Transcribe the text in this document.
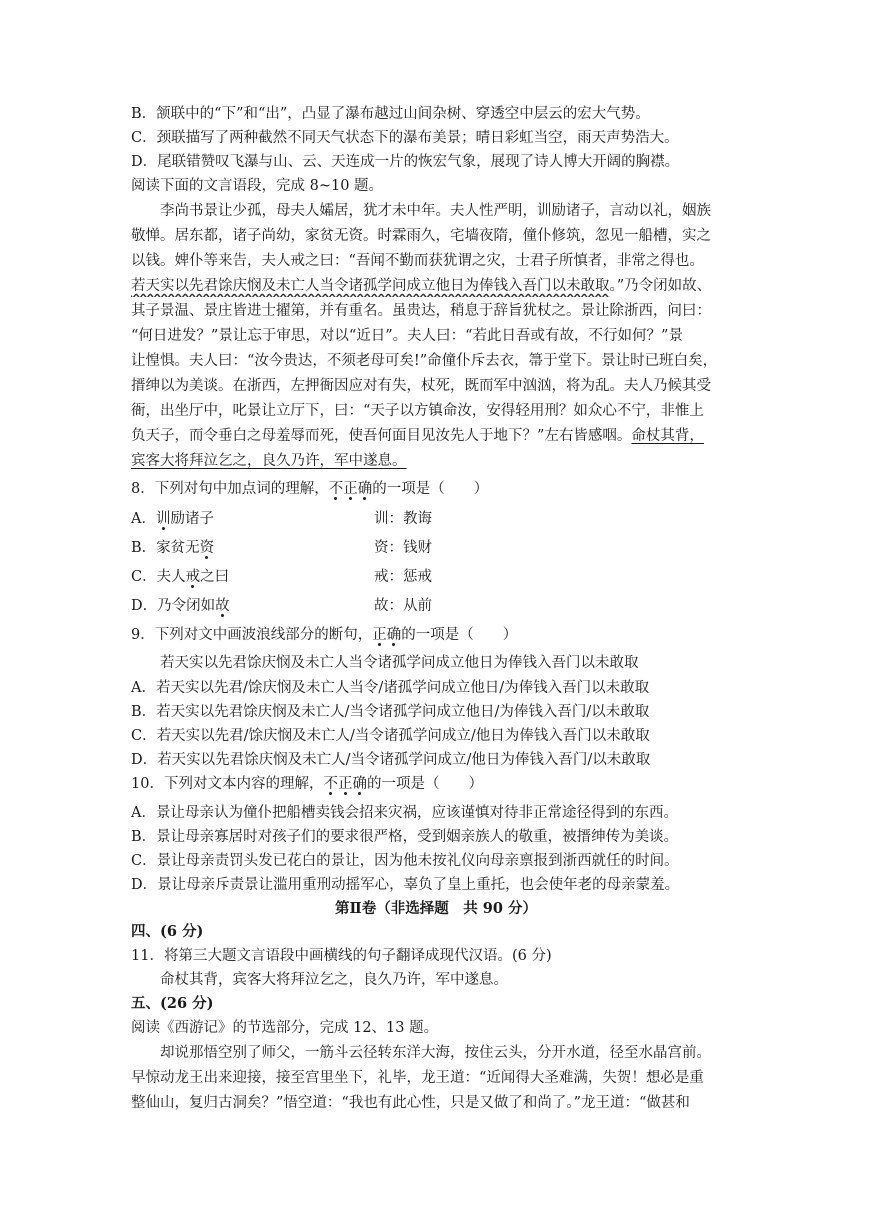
B．颔联中的“下”和“出”，凸显了瀑布越过山间杂树、穿透空中层云的宏大气势。
C．颈联描写了两种截然不同天气状态下的瀑布美景；晴日彩虹当空，雨天声势浩大。
D．尾联错赞叹飞瀑与山、云、天连成一片的恢宏气象，展现了诗人博大开阔的胸襟。
阅读下面的文言语段，完成 8~10 题。
李尚书景让少孤，母夫人孀居，犹才未中年。夫人性严明，训励诸子，言动以礼，姻族
敬惮。居东都，诸子尚幼，家贫无资。时霖雨久，宅墙夜隋，僮仆修筑，忽见一船槽，实之
以钱。婢仆等来告，夫人戒之曰：“吾闻不勤而获犹谓之灾，士君子所慎者，非常之得也。
若天实以先君馀庆悯及未亡人当令诸孤学问成立他日为俸钱入吾门以未敢取。”乃令闭如故、
其子景温、景庄皆进士擢第，并有重名。虽贵达，稍息于辞旨犹杖之。景让除浙西，问曰：
“何日进发？”景让忘于审思，对以“近日”。夫人曰：“若此日吾或有故，不行如何？”景
让惶惧。夫人曰：“汝今贵达，不须老母可矣!”命僮仆斥去衣，箒于堂下。景让时已班白矣，
搢绅以为美谈。在浙西，左押衙因应对有失，杖死，既而军中汹汹，将为乱。夫人乃候其受
衙，出坐厅中，叱景让立厅下，曰：“天子以方镇命汝，安得轻用刑？如众心不宁，非惟上
负天子，而令垂白之母羞辱而死，使吾何面目见汝先人于地下？”左右皆感咽。命杖其背，
宾客大将拜泣乞之，良久乃许，军中遂息。
8．下列对句中加点词的理解，不正确的一项是（　　）
A．训励诸子	训：教诲
B．家贫无资	资：钱财
C．夫人戒之曰	戒：惩戒
D．乃令闭如故	故：从前
9．下列对文中画波浪线部分的断句，正确的一项是（　　）
若天实以先君馀庆悯及未亡人当令诸孤学问成立他日为俸钱入吾门以未敢取
A．若天实以先君/馀庆悯及未亡人当令/诸孤学问成立他日/为俸钱入吾门以未敢取
B．若天实以先君馀庆悯及未亡人/当令诸孤学问成立他日/为俸钱入吾门/以未敢取
C．若天实以先君/馀庆悯及未亡人/当令诸孤学问成立/他日为俸钱入吾门以未敢取
D．若天实以先君馀庆悯及未亡人/当令诸孤学问成立/他日为俸钱入吾门/以未敢取
10．下列对文本内容的理解，不正确的一项是（　　）
A．景让母亲认为僮仆把船槽卖钱会招来灾祸，应该谨慎对待非正常途径得到的东西。
B．景让母亲寡居时对孩子们的要求很严格，受到姻亲族人的敬重，被搢绅传为美谈。
C．景让母亲责罚头发已花白的景让，因为他未按礼仪向母亲禀报到浙西就任的时间。
D．景让母亲斥责景让滥用重刑动摇军心，辜负了皇上重托，也会使年老的母亲蒙羞。
第Ⅱ卷（非选择题　共 90 分）
四、(6 分)
11．将第三大题文言语段中画横线的句子翻译成现代汉语。(6 分)
命杖其背，宾客大将拜泣乞之，良久乃许，军中遂息。
五、(26 分)
阅读《西游记》的节选部分，完成 12、13 题。
却说那悟空别了师父，一筋斗云径转东洋大海，按住云头，分开水道，径至水晶宫前。
早惊动龙王出来迎接，接至宫里坐下，礼毕，龙王道：“近闻得大圣难满，失贺！想必是重
整仙山，复归古洞矣？”悟空道：“我也有此心性，只是又做了和尚了。”龙王道：“做甚和
